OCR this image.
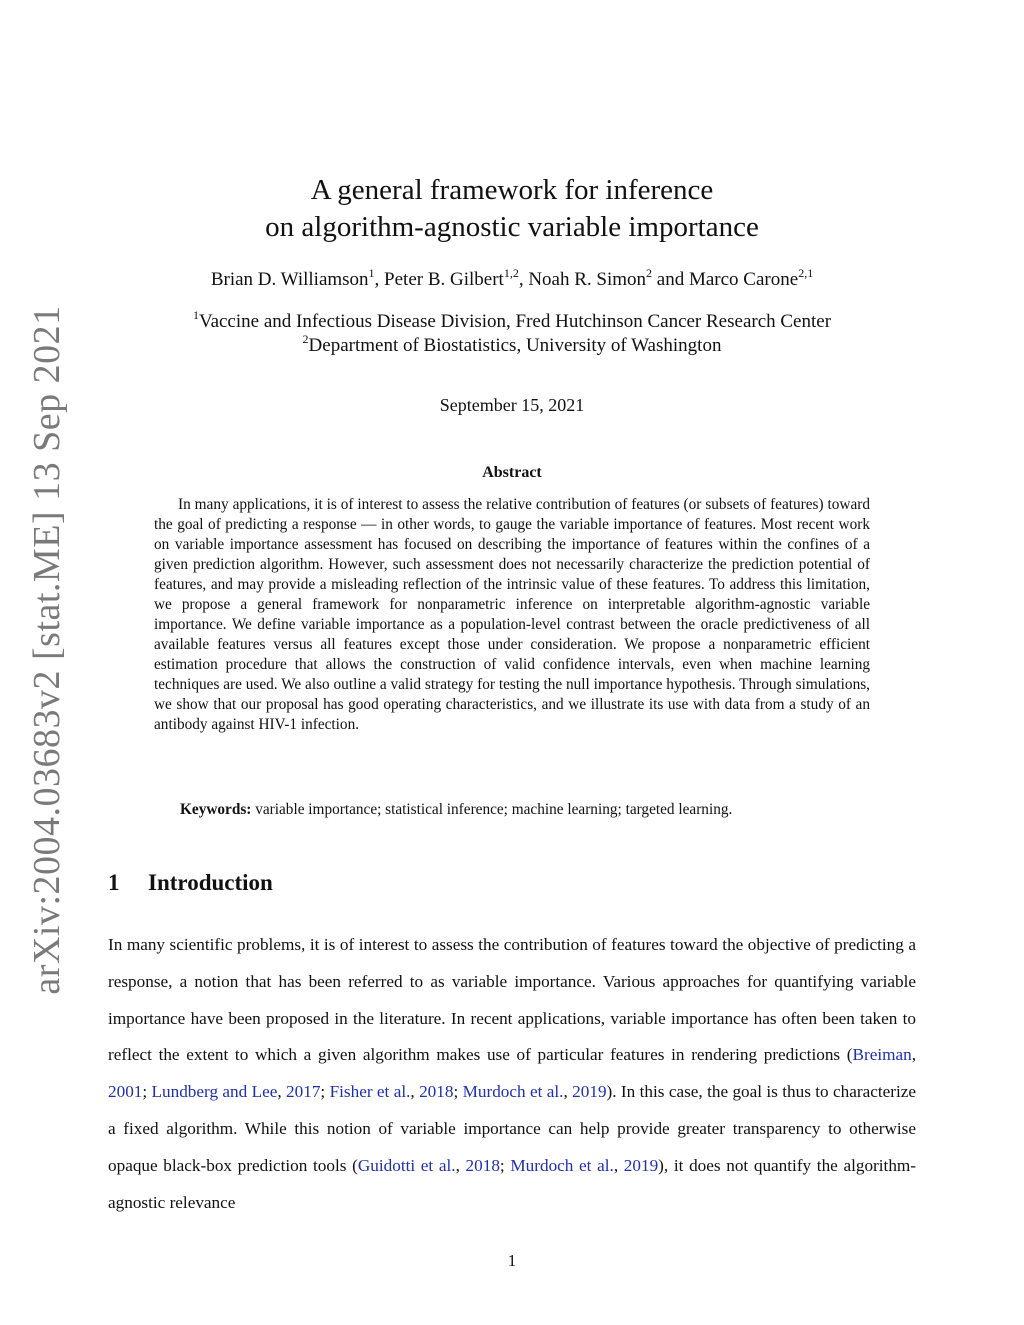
arXiv:2004.03683v2 [stat.ME] 13 Sep 2021
A general framework for inference
on algorithm-agnostic variable importance
Brian D. Williamson$^1$, Peter B. Gilbert$^{1,2}$, Noah R. Simon$^2$ and Marco Carone$^{2,1}$
$^1$Vaccine and Infectious Disease Division, Fred Hutchinson Cancer Research Center
$^2$Department of Biostatistics, University of Washington
September 15, 2021
Abstract
In many applications, it is of interest to assess the relative contribution of features (or subsets of features) toward the goal of predicting a response — in other words, to gauge the variable importance of features. Most recent work on variable importance assessment has focused on describing the importance of features within the confines of a given prediction algorithm. However, such assessment does not necessarily characterize the prediction potential of features, and may provide a misleading reflection of the intrinsic value of these features. To address this limitation, we propose a general framework for nonparametric inference on interpretable algorithm-agnostic variable importance. We define variable importance as a population-level contrast between the oracle predictiveness of all available features versus all features except those under consideration. We propose a nonparametric efficient estimation procedure that allows the construction of valid confidence intervals, even when machine learning techniques are used. We also outline a valid strategy for testing the null importance hypothesis. Through simulations, we show that our proposal has good operating characteristics, and we illustrate its use with data from a study of an antibody against HIV-1 infection.
Keywords: variable importance; statistical inference; machine learning; targeted learning.
1 Introduction
In many scientific problems, it is of interest to assess the contribution of features toward the objective of predicting a response, a notion that has been referred to as variable importance. Various approaches for quantifying variable importance have been proposed in the literature. In recent applications, variable importance has often been taken to reflect the extent to which a given algorithm makes use of particular features in rendering predictions (Breiman, 2001; Lundberg and Lee, 2017; Fisher et al., 2018; Murdoch et al., 2019). In this case, the goal is thus to characterize a fixed algorithm. While this notion of variable importance can help provide greater transparency to otherwise opaque black-box prediction tools (Guidotti et al., 2018; Murdoch et al., 2019), it does not quantify the algorithm-agnostic relevance
1
